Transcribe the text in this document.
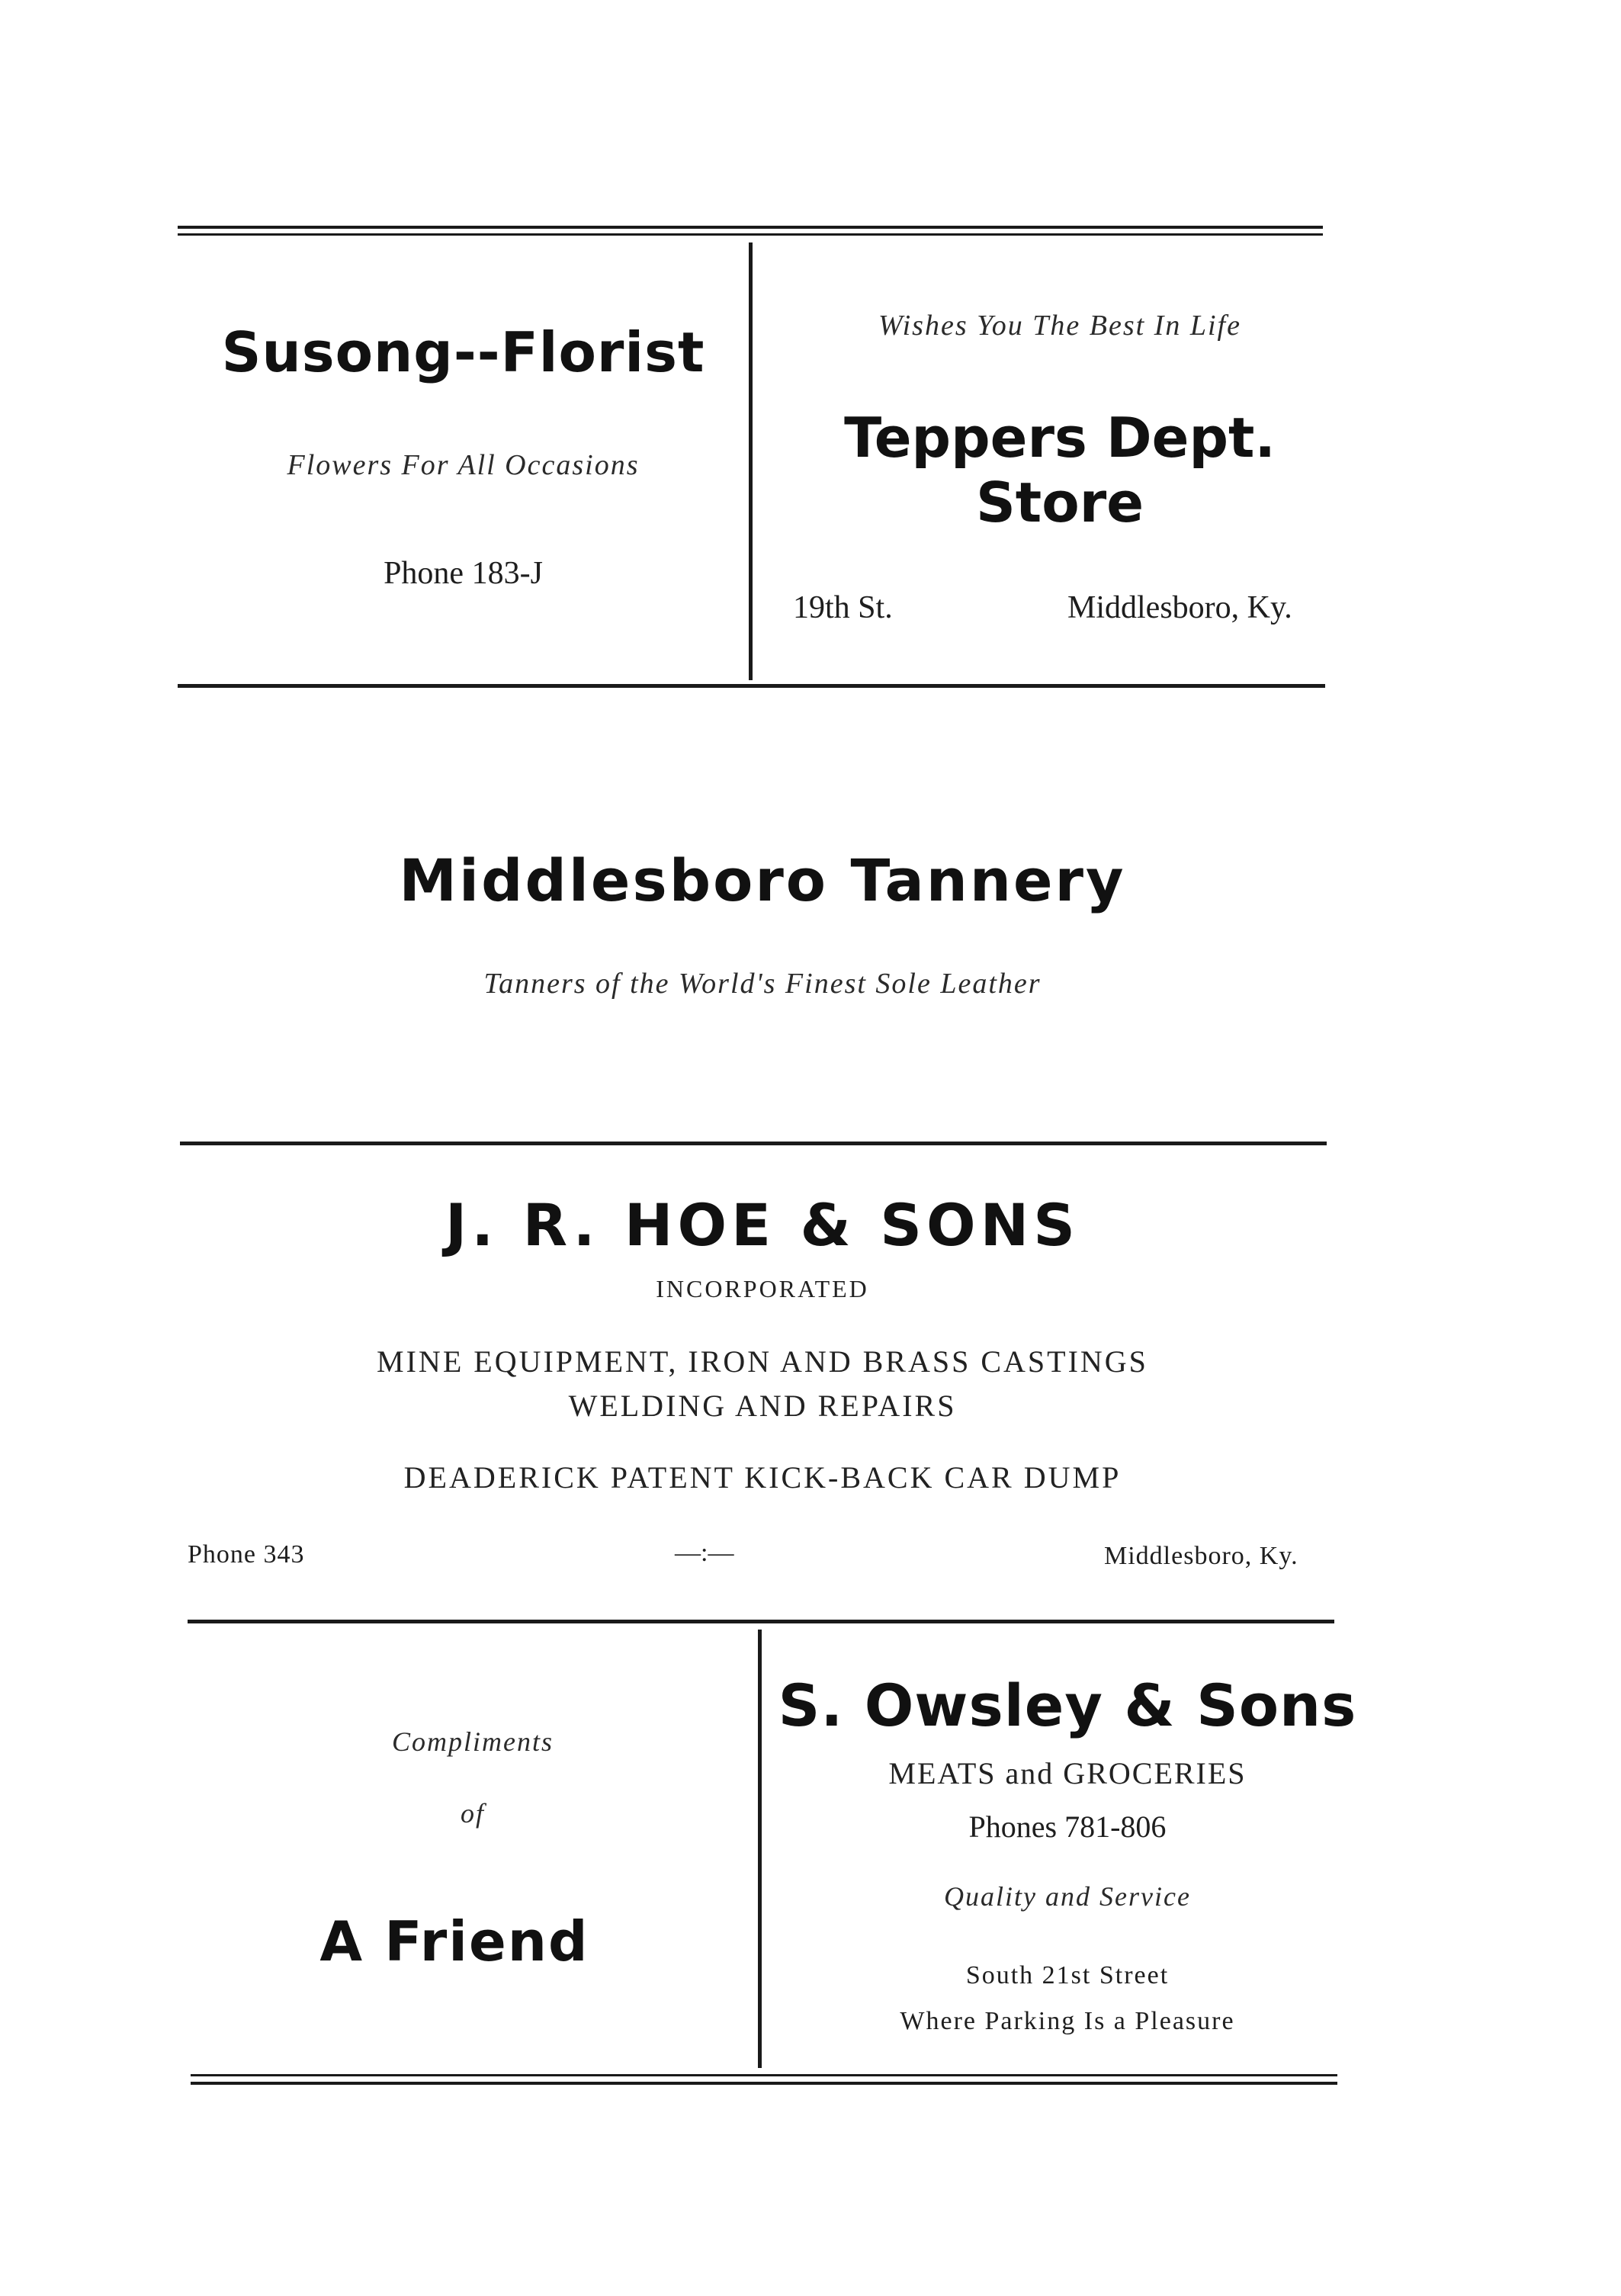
Susong--Florist
Flowers For All Occasions
Phone 183-J
Wishes You The Best In Life
Teppers Dept.
Store
19th St.	Middlesboro, Ky.
Middlesboro Tannery
Tanners of the World's Finest Sole Leather
J. R. HOE & SONS
INCORPORATED
MINE EQUIPMENT, IRON AND BRASS CASTINGS
WELDING AND REPAIRS
DEADERICK PATENT KICK-BACK CAR DUMP
Phone 343	—:—	Middlesboro, Ky.
Compliments
of
A Friend
S. Owsley & Sons
MEATS and GROCERIES
Phones 781-806
Quality and Service
South 21st Street
Where Parking Is a Pleasure
